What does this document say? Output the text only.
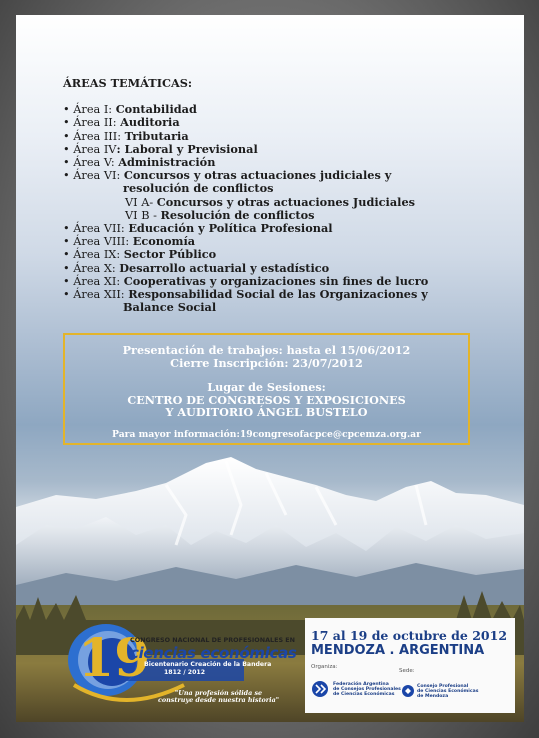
ÁREAS TEMÁTICAS:
• Área I: Contabilidad
• Área II: Auditoria
• Área III: Tributaria
• Área IV: Laboral y Previsional
• Área V: Administración
• Área VI: Concursos y otras actuaciones judiciales y
resolución de conflictos
VI A- Concursos y otras actuaciones Judiciales
VI B - Resolución de conflictos
• Área VII: Educación y Política Profesional
• Área VIII: Economía
• Área IX: Sector Público
• Área X: Desarrollo actuarial y estadístico
• Área XI: Cooperativas y organizaciones sin fines de lucro
• Área XII: Responsabilidad Social de las Organizaciones y
Balance Social
Presentación de trabajos: hasta el 15/06/2012
Cierre Inscripción: 23/07/2012
Lugar de Sesiones:
CENTRO DE CONGRESOS Y EXPOSICIONES
Y AUDITORIO ÁNGEL BUSTELO
Para mayor información:19congresofacpce@cpcemza.org.ar
19
CONGRESO NACIONAL DE PROFESIONALES EN
ciencias económicas
Bicentenario Creación de la Bandera
1812 / 2012
"Una profesión sólida se
construye desde nuestra historia"
17 al 19 de octubre de 2012
MENDOZA . ARGENTINA
Organiza:
Sede:
Federación Argentina
de Consejos Profesionales
de Ciencias Económicas
Consejo Profesional
de Ciencias Económicas
de Mendoza
